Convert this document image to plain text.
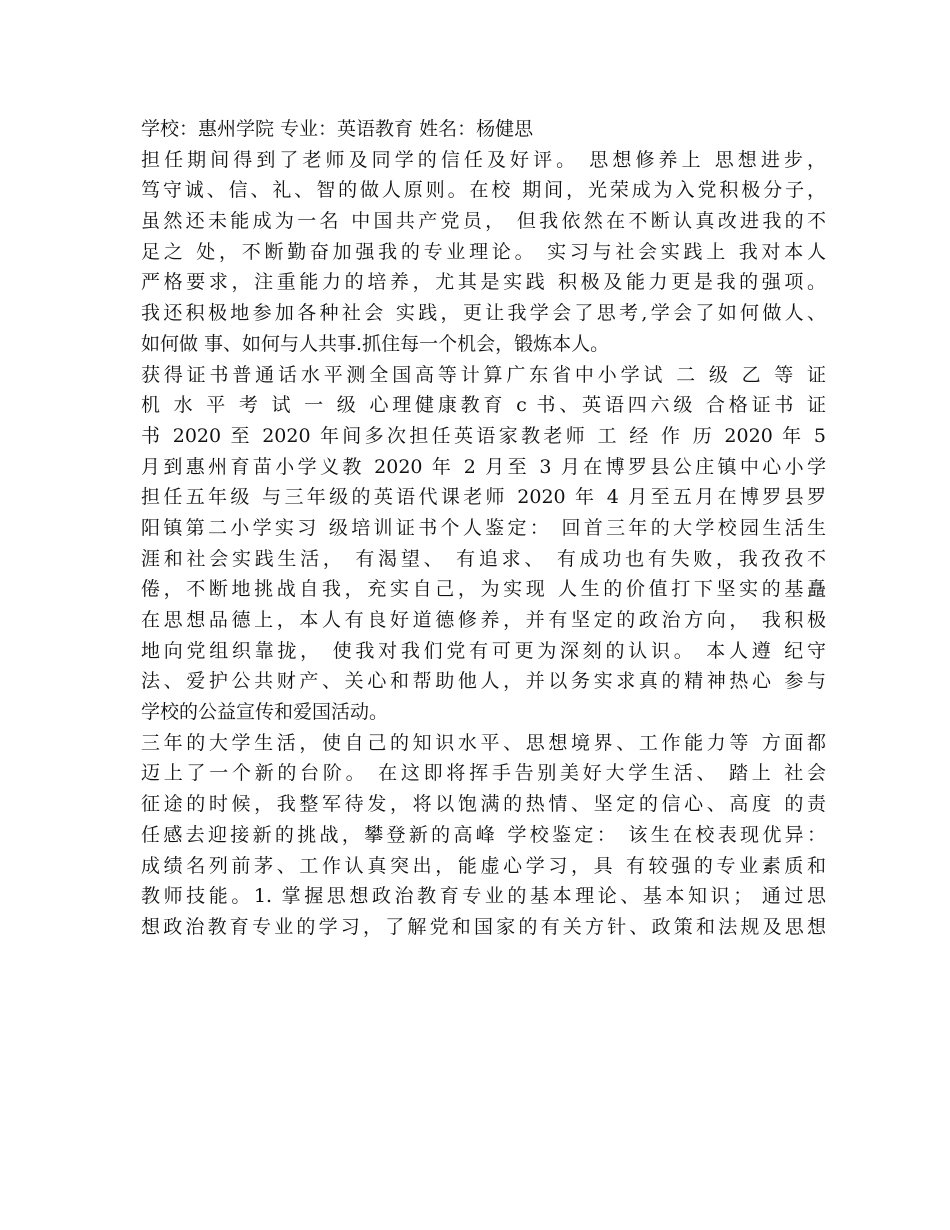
学校：惠州学院 专业：英语教育 姓名：杨健思
担任期间得到了老师及同学的信任及好评。 思想修养上 思想进步，
笃守诚、信、礼、智的做人原则。在校 期间，光荣成为入党积极分子，
虽然还未能成为一名 中国共产党员， 但我依然在不断认真改进我的不
足之 处，不断勤奋加强我的专业理论。 实习与社会实践上 我对本人
严格要求，注重能力的培养，尤其是实践 积极及能力更是我的强项。
我还积极地参加各种社会 实践，更让我学会了思考,学会了如何做人、
如何做 事、如何与人共事.抓住每一个机会，锻炼本人。
获得证书普通话水平测全国高等计算广东省中小学试 二 级 乙 等 证
机 水 平 考 试 一 级 心理健康教育 c 书、英语四六级 合格证书 证
书 2020 至 2020 年间多次担任英语家教老师 工 经 作 历 2020 年 5
月到惠州育苗小学义教 2020 年 2 月至 3 月在博罗县公庄镇中心小学
担任五年级 与三年级的英语代课老师 2020 年 4 月至五月在博罗县罗
阳镇第二小学实习 级培训证书个人鉴定： 回首三年的大学校园生活生
涯和社会实践生活， 有渴望、 有追求、 有成功也有失败，我孜孜不
倦，不断地挑战自我，充实自己，为实现 人生的价值打下坚实的基矗
在思想品德上，本人有良好道德修养，并有坚定的政治方向， 我积极
地向党组织靠拢， 使我对我们党有可更为深刻的认识。 本人遵 纪守
法、爱护公共财产、关心和帮助他人，并以务实求真的精神热心 参与
学校的公益宣传和爱国活动。
三年的大学生活，使自己的知识水平、思想境界、工作能力等 方面都
迈上了一个新的台阶。 在这即将挥手告别美好大学生活、 踏上 社会
征途的时候，我整军待发，将以饱满的热情、坚定的信心、高度 的责
任感去迎接新的挑战，攀登新的高峰 学校鉴定： 该生在校表现优异：
成绩名列前茅、工作认真突出，能虚心学习，具 有较强的专业素质和
教师技能。1. 掌握思想政治教育专业的基本理论、基本知识； 通过思
想政治教育专业的学习，了解党和国家的有关方针、政策和法规及思想
